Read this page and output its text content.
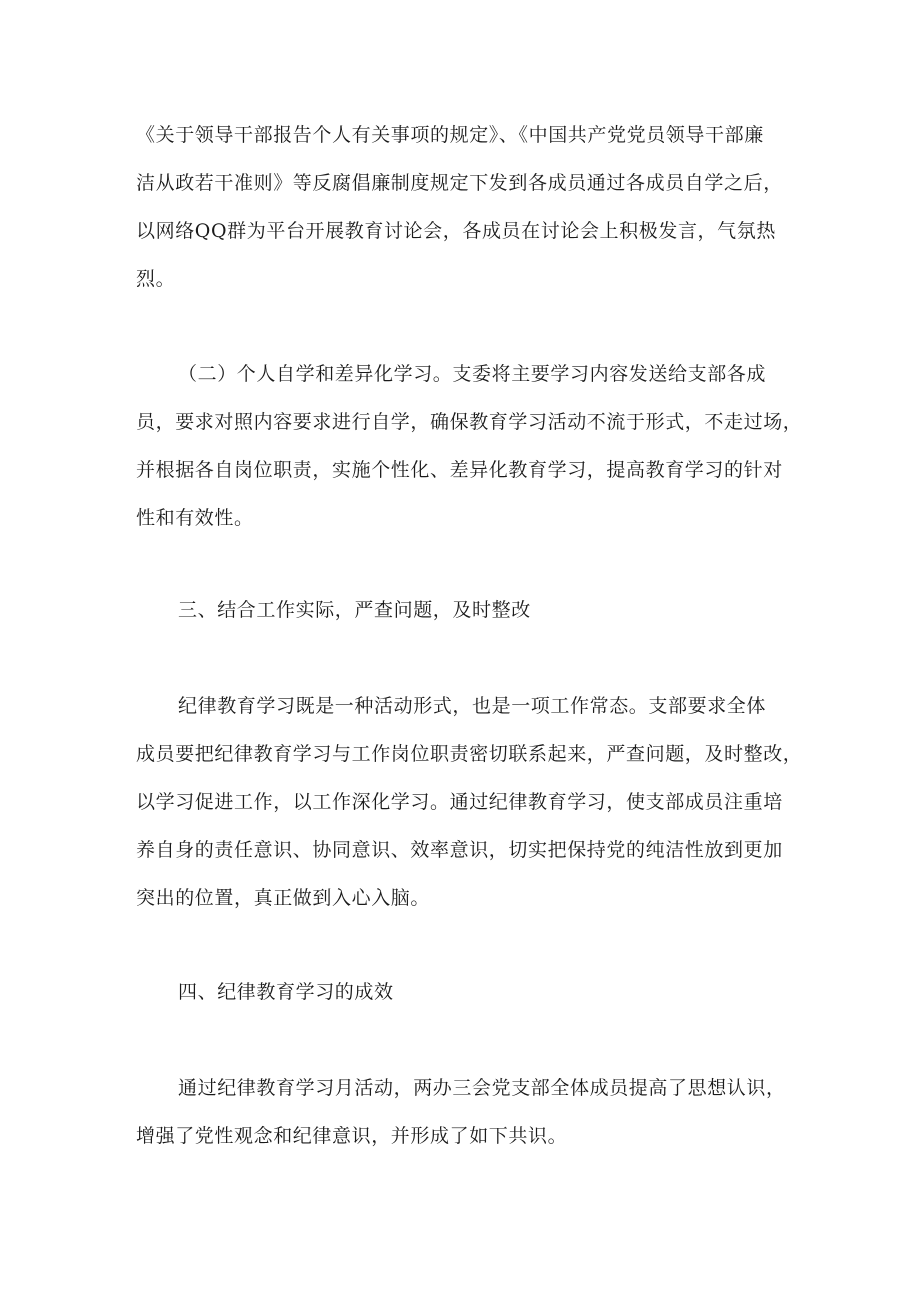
《关于领导干部报告个人有关事项的规定》、《中国共产党党员领导干部廉
洁从政若干准则》等反腐倡廉制度规定下发到各成员通过各成员自学之后，
以网络QQ群为平台开展教育讨论会，各成员在讨论会上积极发言，气氛热
烈。
（二）个人自学和差异化学习。支委将主要学习内容发送给支部各成
员，要求对照内容要求进行自学，确保教育学习活动不流于形式，不走过场，
并根据各自岗位职责，实施个性化、差异化教育学习，提高教育学习的针对
性和有效性。
三、结合工作实际，严查问题，及时整改
纪律教育学习既是一种活动形式，也是一项工作常态。支部要求全体
成员要把纪律教育学习与工作岗位职责密切联系起来，严查问题，及时整改，
以学习促进工作，以工作深化学习。通过纪律教育学习，使支部成员注重培
养自身的责任意识、协同意识、效率意识，切实把保持党的纯洁性放到更加
突出的位置，真正做到入心入脑。
四、纪律教育学习的成效
通过纪律教育学习月活动，两办三会党支部全体成员提高了思想认识，
增强了党性观念和纪律意识，并形成了如下共识。
